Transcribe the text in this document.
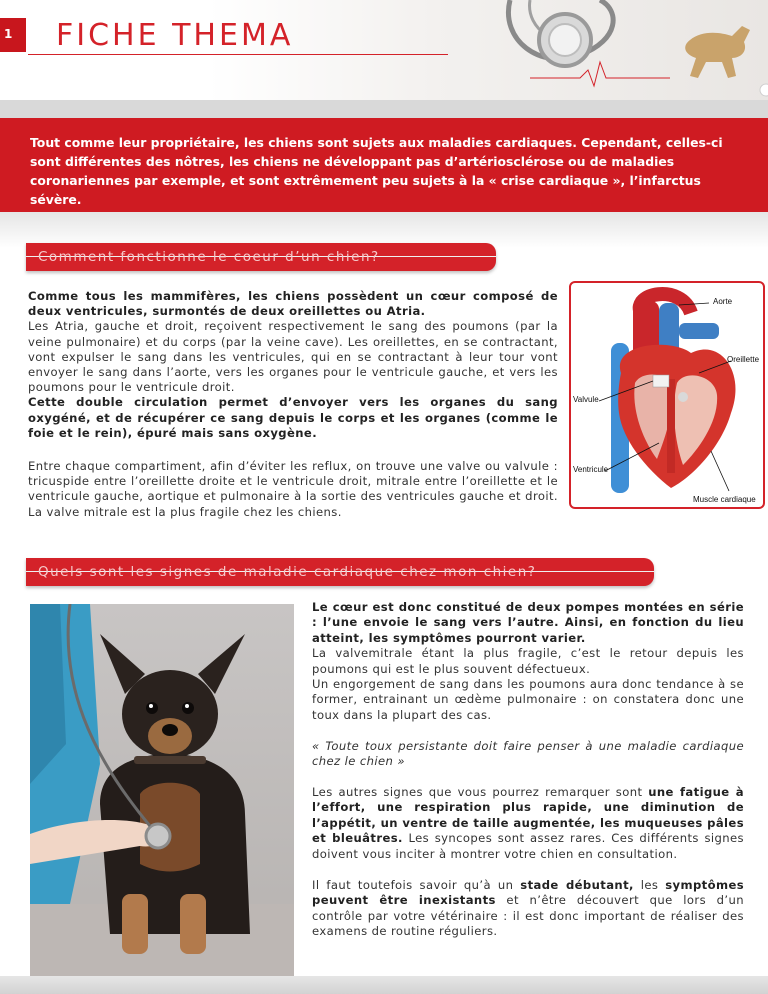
1 FICHE THEMA
Tout comme leur propriétaire, les chiens sont sujets aux maladies cardiaques. Cependant, celles-ci sont différentes des nôtres, les chiens ne développant pas d’artériosclérose ou de maladies coronariennes par exemple, et sont extrêmement peu sujets à la « crise cardiaque », l’infarctus sévère.
Comment fonctionne le coeur d’un chien?

Comme tous les mammifères, les chiens possèdent un cœur composé de deux ventricules, surmontés de deux oreillettes ou Atria.

Les Atria, gauche et droit, reçoivent respectivement le sang des poumons (par la veine pulmonaire) et du corps (par la veine cave). Les oreillettes, en se contractant, vont expulser le sang dans les ventricules, qui en se contractant à leur tour vont envoyer le sang dans l’aorte, vers les organes pour le ventricule gauche, et vers les poumons pour le ventricule droit.

Cette double circulation permet d’envoyer vers les organes du sang oxygéné, et de récupérer ce sang depuis le corps et les organes (comme le foie et le rein), épuré mais sans oxygène.

Entre chaque compartiment, afin d’éviter les reflux, on trouve une valve ou valvule : tricuspide entre l’oreillette droite et le ventricule droit, mitrale entre l’oreillette et le ventricule gauche, aortique et pulmonaire à la sortie des ventricules gauche et droit. La valve mitrale est la plus fragile chez les chiens.
Aorte
Oreillette
Valvule
Ventricule
Muscle cardiaque
Quels sont les signes de maladie cardiaque chez mon chien?

Le cœur est donc constitué de deux pompes montées en série : l’une envoie le sang vers l’autre. Ainsi, en fonction du lieu atteint, les symptômes pourront varier.

La valvemitrale étant la plus fragile, c’est le retour depuis les poumons qui est le plus souvent défectueux.

Un engorgement de sang dans les poumons aura donc tendance à se former, entrainant un œdème pulmonaire : on constatera donc une toux dans la plupart des cas.

« Toute toux persistante doit faire penser à une maladie cardiaque chez le chien »
Les autres signes que vous pourrez remarquer sont une fatigue à l’effort, une respiration plus rapide, une diminution de l’appétit, un ventre de taille augmentée, les muqueuses pâles et bleuâtres. Les syncopes sont assez rares. Ces différents signes doivent vous inciter à montrer votre chien en consultation.
Il faut toutefois savoir qu’à un stade débutant, les symptômes peuvent être inexistants et n’être découvert que lors d’un contrôle par votre vétérinaire : il est donc important de réaliser des examens de routine réguliers.
